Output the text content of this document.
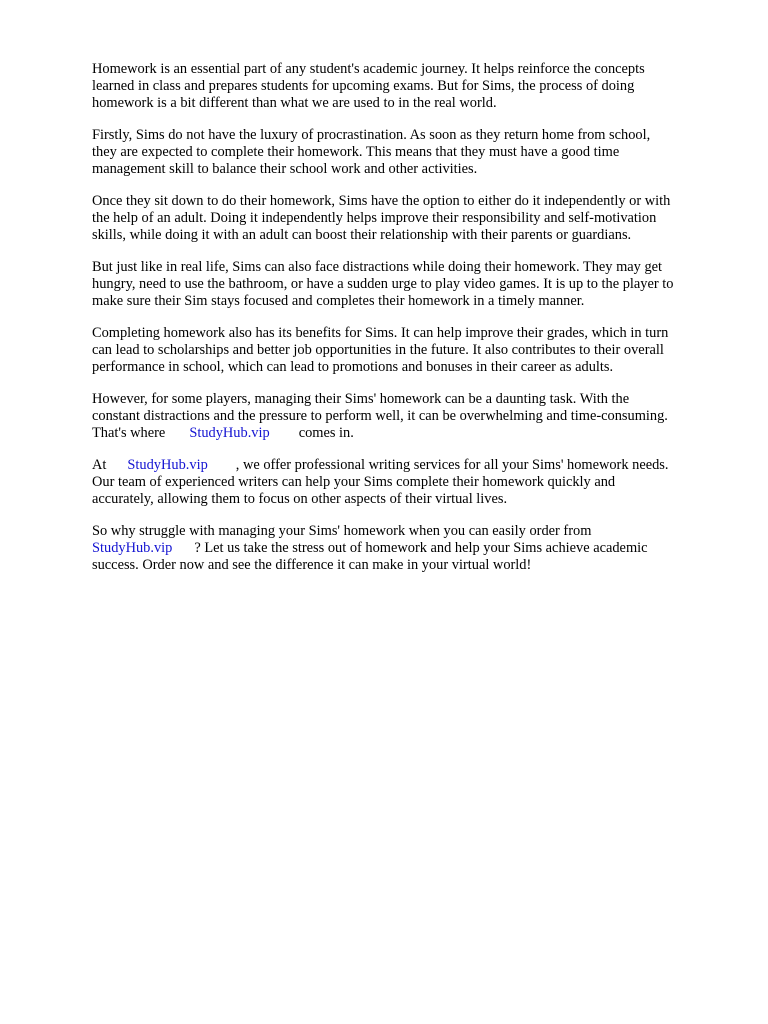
Homework is an essential part of any student's academic journey. It helps reinforce the concepts
learned in class and prepares students for upcoming exams. But for Sims, the process of doing
homework is a bit different than what we are used to in the real world.

Firstly, Sims do not have the luxury of procrastination. As soon as they return home from school,
they are expected to complete their homework. This means that they must have a good time
management skill to balance their school work and other activities.

Once they sit down to do their homework, Sims have the option to either do it independently or with
the help of an adult. Doing it independently helps improve their responsibility and self-motivation
skills, while doing it with an adult can boost their relationship with their parents or guardians.

But just like in real life, Sims can also face distractions while doing their homework. They may get
hungry, need to use the bathroom, or have a sudden urge to play video games. It is up to the player to
make sure their Sim stays focused and completes their homework in a timely manner.

Completing homework also has its benefits for Sims. It can help improve their grades, which in turn
can lead to scholarships and better job opportunities in the future. It also contributes to their overall
performance in school, which can lead to promotions and bonuses in their career as adults.

However, for some players, managing their Sims' homework can be a daunting task. With the
constant distractions and the pressure to perform well, it can be overwhelming and time-consuming.
That's where StudyHub.vip comes in.

At StudyHub.vip , we offer professional writing services for all your Sims' homework needs.
Our team of experienced writers can help your Sims complete their homework quickly and
accurately, allowing them to focus on other aspects of their virtual lives.

So why struggle with managing your Sims' homework when you can easily order from
StudyHub.vip ? Let us take the stress out of homework and help your Sims achieve academic
success. Order now and see the difference it can make in your virtual world!
